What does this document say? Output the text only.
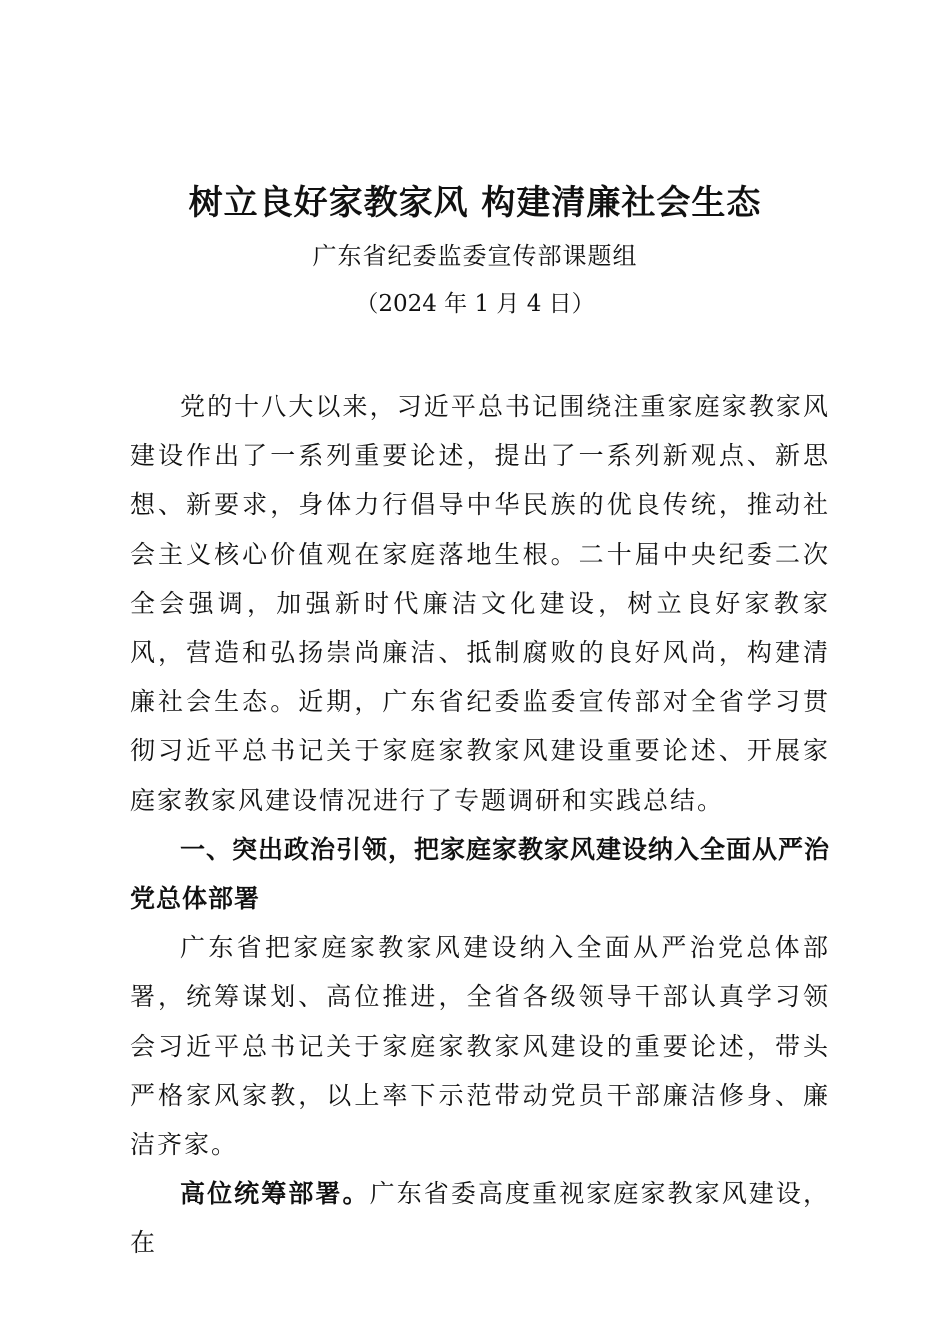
树立良好家教家风 构建清廉社会生态
广东省纪委监委宣传部课题组
（2024 年 1 月 4 日）

党的十八大以来，习近平总书记围绕注重家庭家教家风建设作出了一系列重要论述，提出了一系列新观点、新思想、新要求，身体力行倡导中华民族的优良传统，推动社会主义核心价值观在家庭落地生根。二十届中央纪委二次全会强调，加强新时代廉洁文化建设，树立良好家教家风，营造和弘扬崇尚廉洁、抵制腐败的良好风尚，构建清廉社会生态。近期，广东省纪委监委宣传部对全省学习贯彻习近平总书记关于家庭家教家风建设重要论述、开展家庭家教家风建设情况进行了专题调研和实践总结。

一、突出政治引领，把家庭家教家风建设纳入全面从严治党总体部署

广东省把家庭家教家风建设纳入全面从严治党总体部署，统筹谋划、高位推进，全省各级领导干部认真学习领会习近平总书记关于家庭家教家风建设的重要论述，带头严格家风家教，以上率下示范带动党员干部廉洁修身、廉洁齐家。

高位统筹部署。广东省委高度重视家庭家教家风建设，在
